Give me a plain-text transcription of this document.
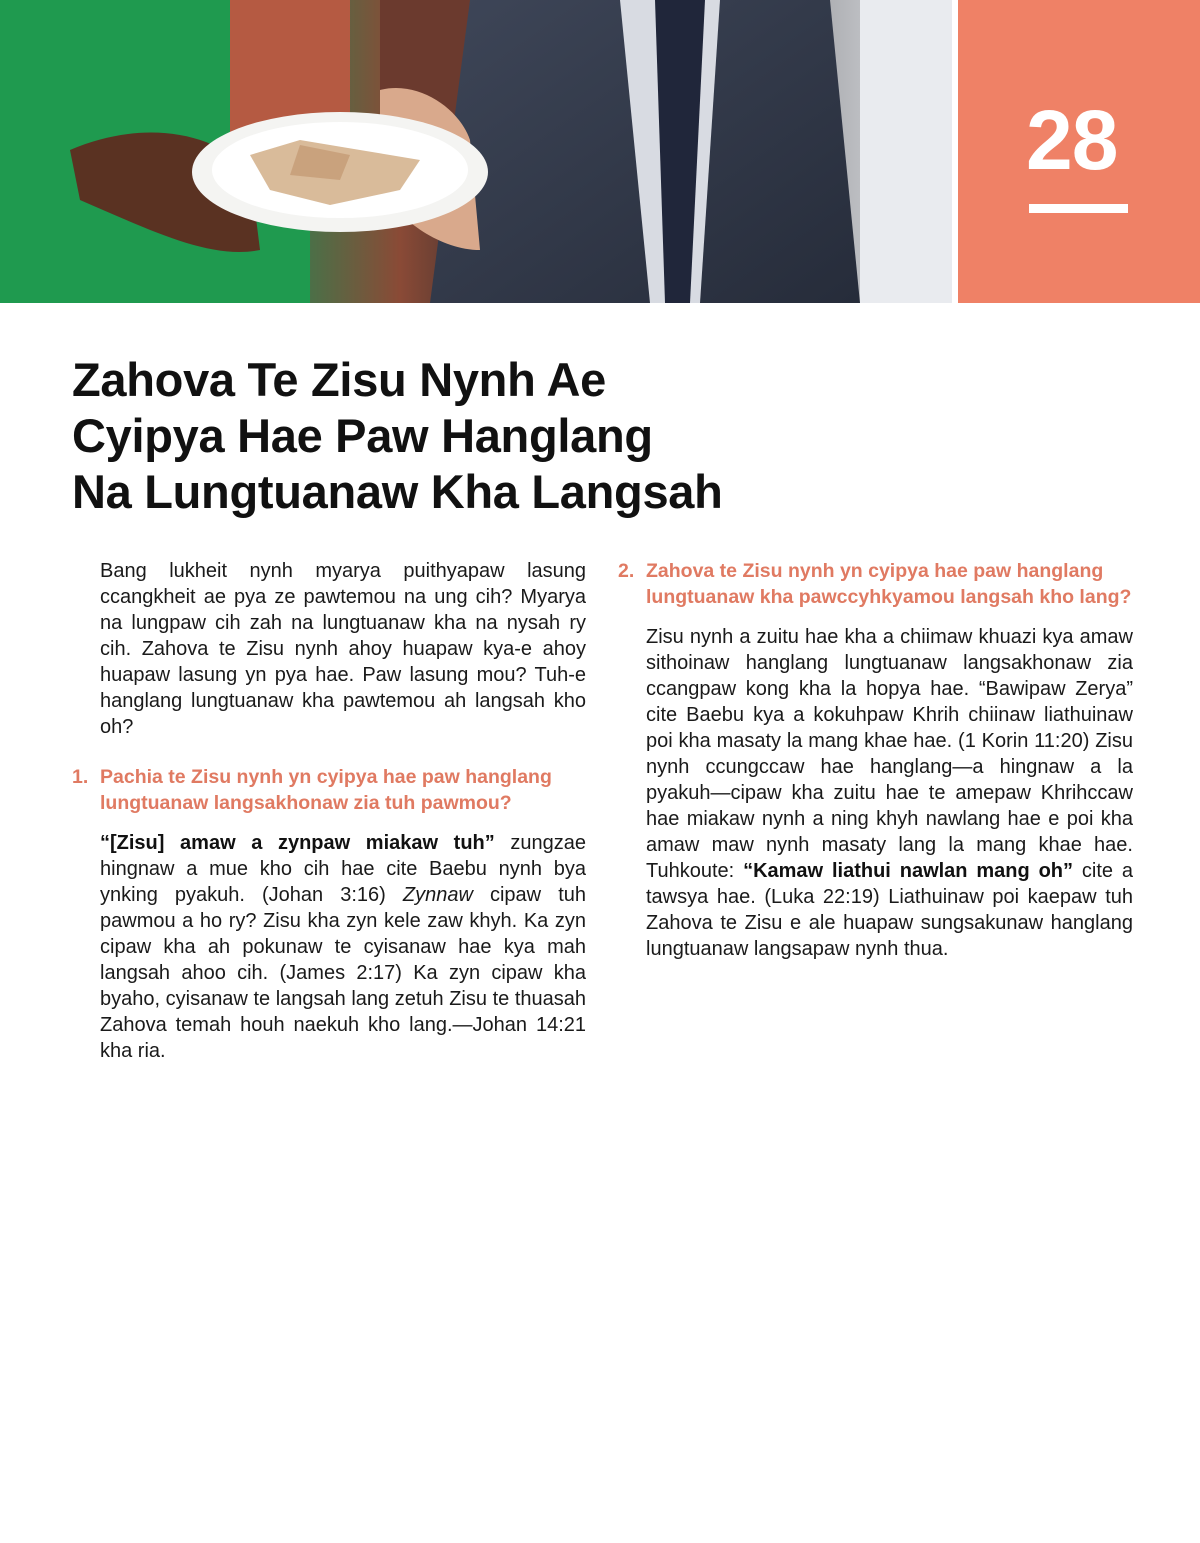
28
Zahova Te Zisu Nynh Ae
Cyipya Hae Paw Hanglang
Na Lungtuanaw Kha Langsah

Bang lukheit nynh myarya puithyapaw lasung ccangkheit ae pya ze pawtemou na ung cih? Myarya na lungpaw cih zah na lungtuanaw kha na nysah ry cih. Zahova te Zisu nynh ahoy huapaw kya-e ahoy huapaw lasung yn pya hae. Paw lasung mou? Tuh-e hanglang lungtuanaw kha pawtemou ah langsah kho oh?

1. Pachia te Zisu nynh yn cyipya hae paw hanglang lungtuanaw langsakhonaw zia tuh pawmou?

“[Zisu] amaw a zynpaw miakaw tuh” zungzae hingnaw a mue kho cih hae cite Baebu nynh bya ynking pyakuh. (Johan 3:16) Zynnaw cipaw tuh pawmou a ho ry? Zisu kha zyn kele zaw khyh. Ka zyn cipaw kha ah pokunaw te cyisanaw hae kya mah langsah ahoo cih. (James 2:17) Ka zyn cipaw kha byaho, cyisanaw te langsah lang zetuh Zisu te thuasah Zahova temah houh naekuh kho lang.—Johan 14:21 kha ria.

2. Zahova te Zisu nynh yn cyipya hae paw hanglang lungtuanaw kha pawccyhkyamou langsah kho lang?

Zisu nynh a zuitu hae kha a chiimaw khuazi kya amaw sithoinaw hanglang lungtuanaw langsakhonaw zia ccangpaw kong kha la hopya hae. “Bawipaw Zerya” cite Baebu kya a kokuhpaw Khrih chiinaw liathuinaw poi kha masaty la mang khae hae. (1 Korin 11:20) Zisu nynh ccungccaw hae hanglang—a hingnaw a la pyakuh—cipaw kha zuitu hae te amepaw Khrihccaw hae miakaw nynh a ning khyh nawlang hae e poi kha amaw maw nynh masaty lang la mang khae hae. Tuhkoute: “Kamaw liathui nawlan mang oh” cite a tawsya hae. (Luka 22:19) Liathuinaw poi kaepaw tuh Zahova te Zisu e ale huapaw sungsakunaw hanglang lungtuanaw langsapaw nynh thua.
